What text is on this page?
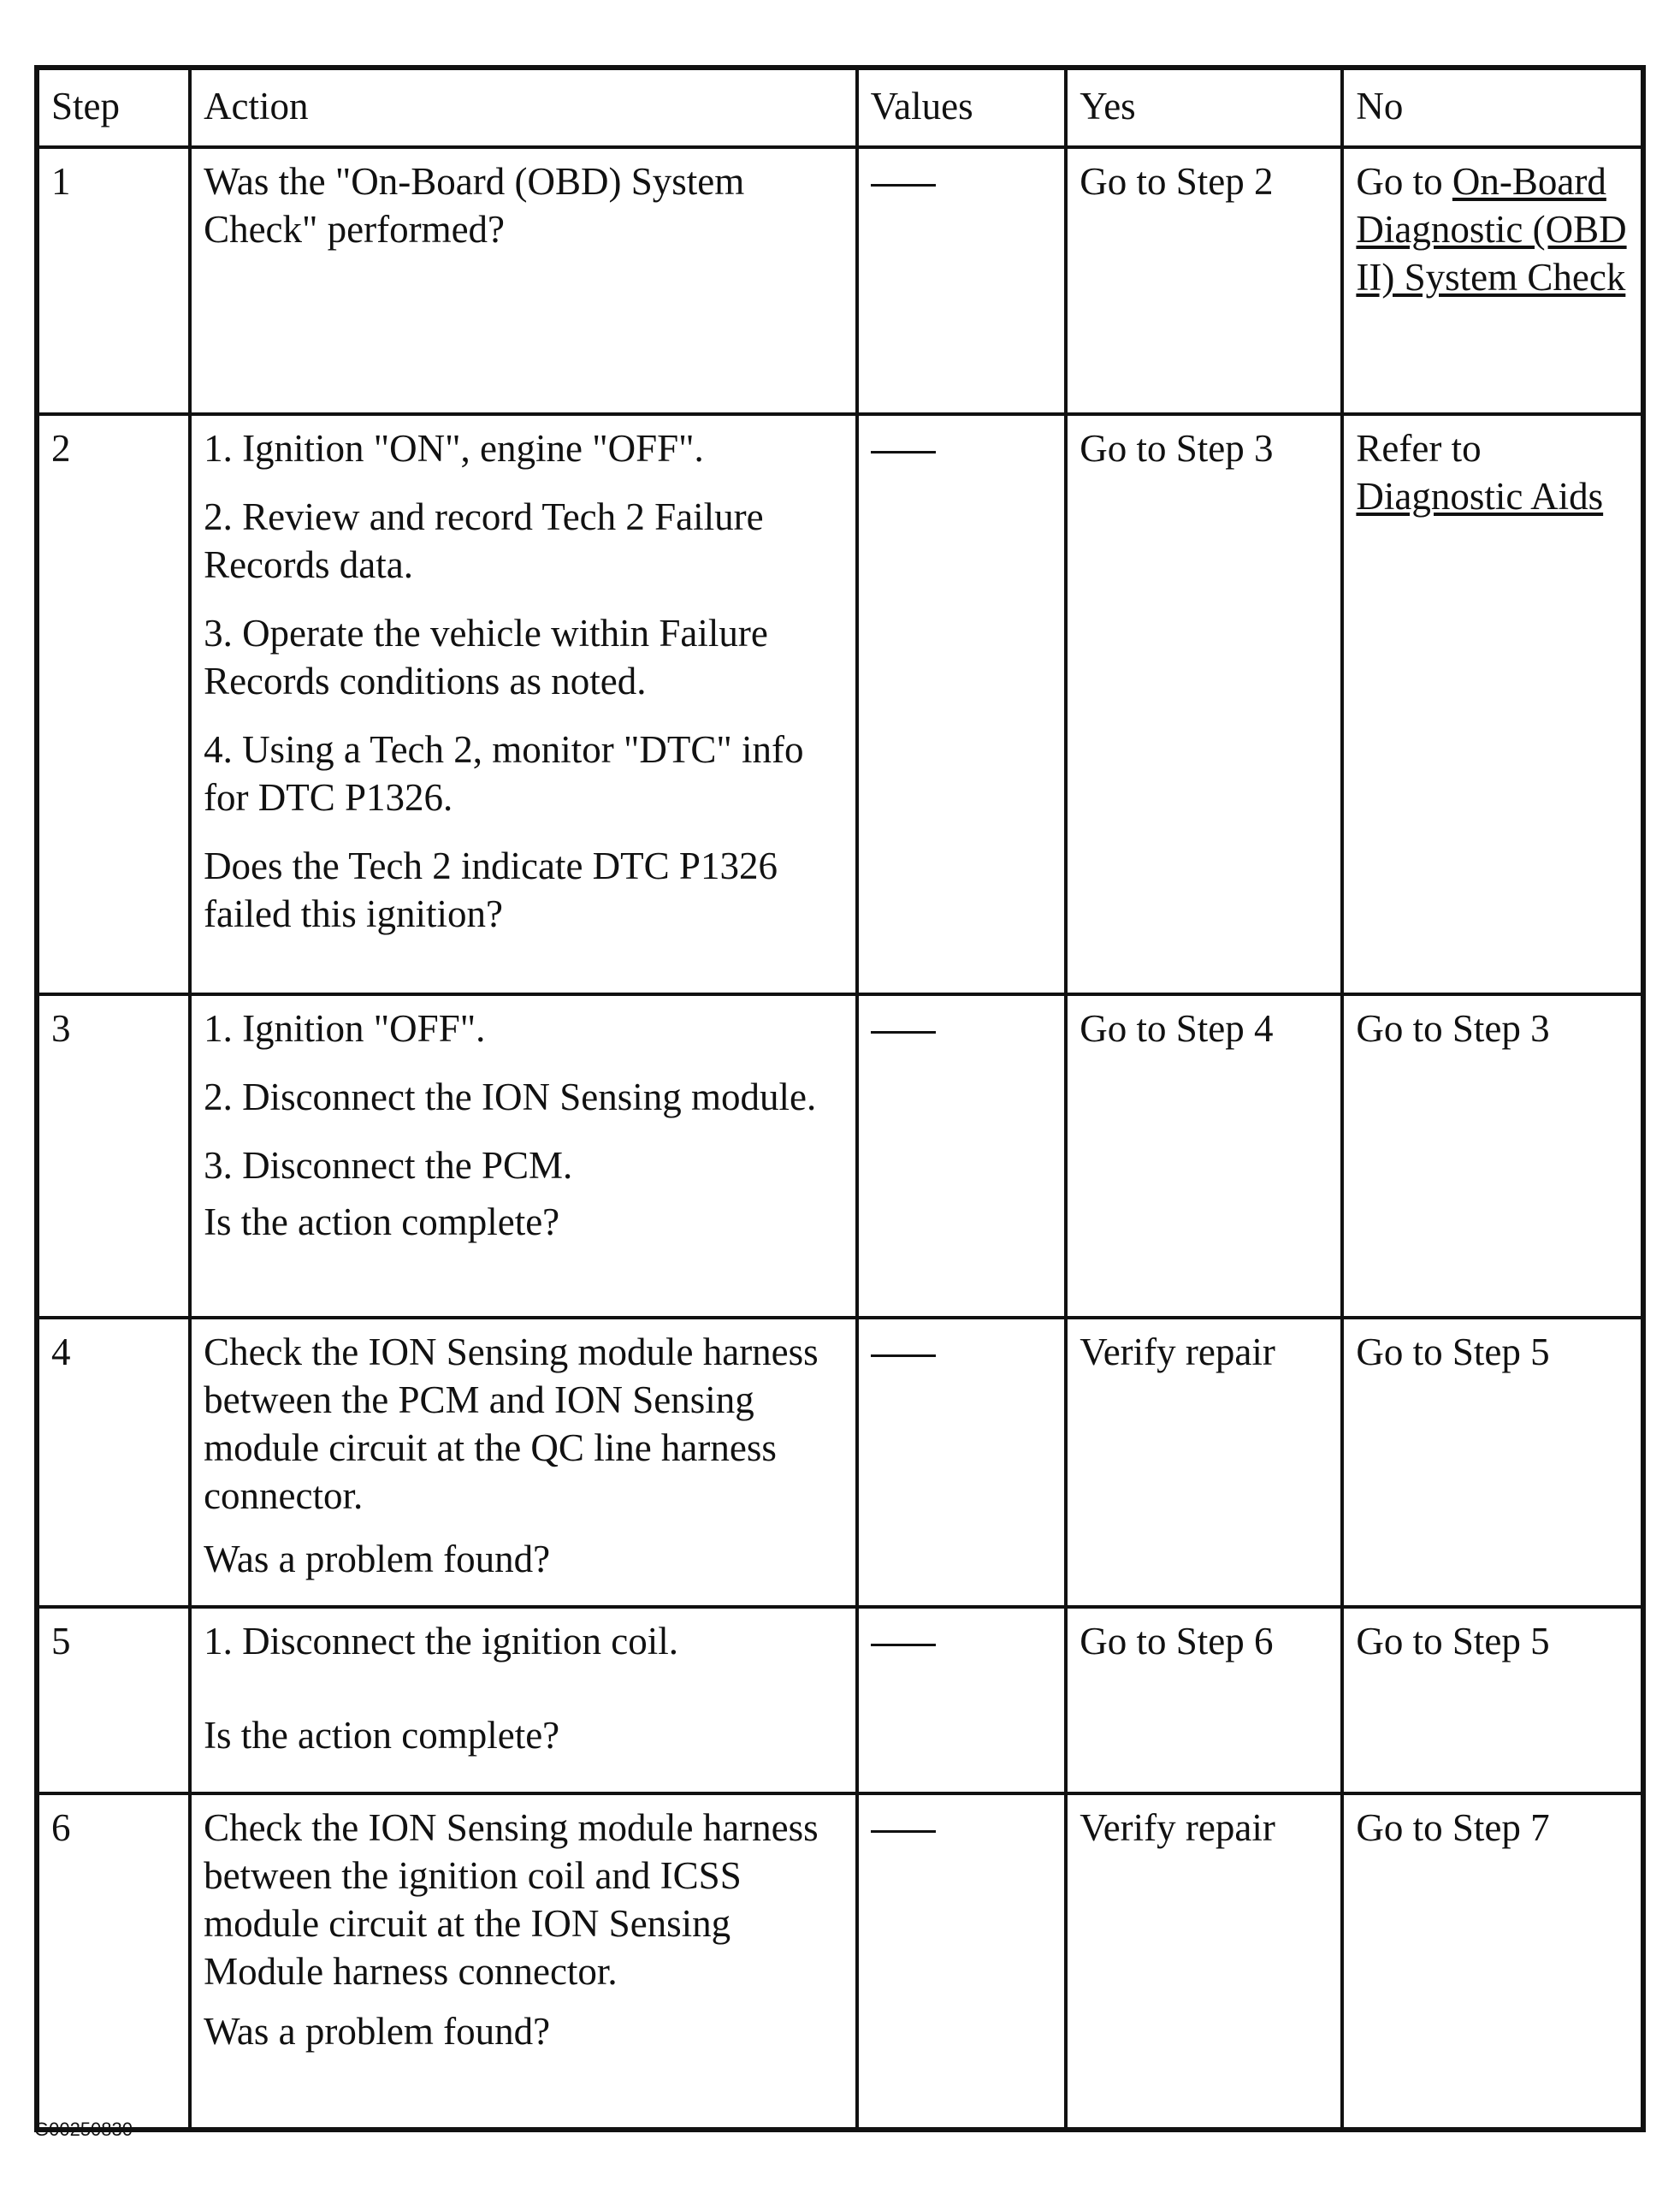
Step	Action	Values	Yes	No
1	Was the "On-Board (OBD) System Check" performed?		Go to Step 2	Go to On-Board Diagnostic (OBD II) System Check
2	1. Ignition "ON", engine "OFF".
2. Review and record Tech 2 Failure Records data.
3. Operate the vehicle within Failure Records conditions as noted.
4. Using a Tech 2, monitor "DTC" info for DTC P1326.
Does the Tech 2 indicate DTC P1326 failed this ignition?		Go to Step 3	Refer to Diagnostic Aids
3	1. Ignition "OFF".
2. Disconnect the ION Sensing module.
3. Disconnect the PCM.
Is the action complete?		Go to Step 4	Go to Step 3
4	Check the ION Sensing module harness between the PCM and ION Sensing module circuit at the QC line harness connector.
Was a problem found?		Verify repair	Go to Step 5
5	1. Disconnect the ignition coil.
Is the action complete?		Go to Step 6	Go to Step 5
6	Check the ION Sensing module harness between the ignition coil and ICSS module circuit at the ION Sensing Module harness connector.
Was a problem found?		Verify repair	Go to Step 7
G00250830
